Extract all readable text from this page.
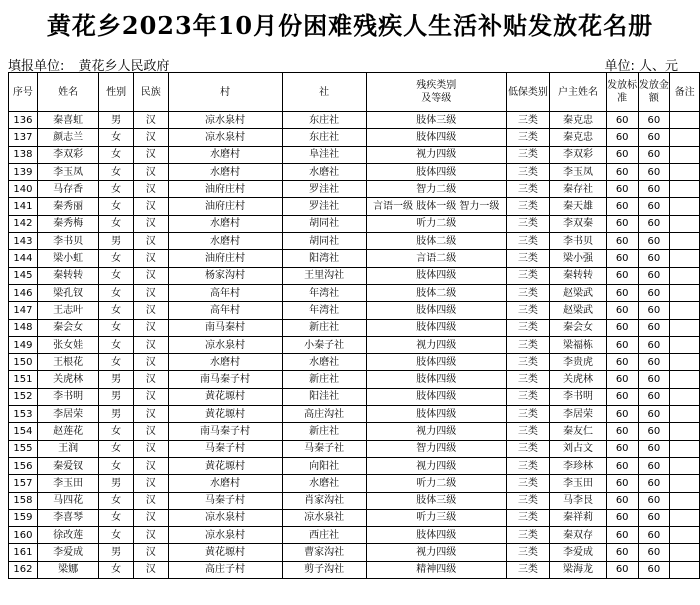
黄花乡2023年10月份困难残疾人生活补贴发放花名册
填报单位: 黄花乡人民政府	单位: 人、元
序号	姓名	性别	民族	村	社	残疾类别
及等级	低保类别	户主姓名	发放标准	发放金额	备注
136	秦喜虹	男	汉	凉水泉村	东庄社	肢体三级	三类	秦克忠	60	60	
137	颜志兰	女	汉	凉水泉村	东庄社	肢体四级	三类	秦克忠	60	60	
138	李双彩	女	汉	水磨村	阜洼社	视力四级	三类	李双彩	60	60	
139	李玉凤	女	汉	水磨村	水磨社	肢体四级	三类	李玉凤	60	60	
140	马存香	女	汉	油府庄村	罗洼社	智力二级	三类	秦存社	60	60	
141	秦秀丽	女	汉	油府庄村	罗洼社	言语一级 肢体一级 智力一级	三类	秦天雄	60	60	
142	秦秀梅	女	汉	水磨村	胡同社	听力二级	三类	李双秦	60	60	
143	李书贝	男	汉	水磨村	胡同社	肢体二级	三类	李书贝	60	60	
144	梁小虹	女	汉	油府庄村	阳湾社	言语二级	三类	梁小强	60	60	
145	秦转转	女	汉	杨家沟村	王里沟社	肢体四级	三类	秦转转	60	60	
146	梁孔钗	女	汉	高年村	年湾社	肢体二级	三类	赵梁武	60	60	
147	王志叶	女	汉	高年村	年湾社	肢体四级	三类	赵梁武	60	60	
148	秦会女	女	汉	南马秦村	新庄社	肢体四级	三类	秦会女	60	60	
149	张女娃	女	汉	凉水泉村	小秦子社	视力四级	三类	梁福栋	60	60	
150	王根花	女	汉	水磨村	水磨社	肢体四级	三类	李贵虎	60	60	
151	关虎林	男	汉	南马秦子村	新庄社	肢体四级	三类	关虎林	60	60	
152	李书明	男	汉	黄花塬村	阳洼社	肢体四级	三类	李书明	60	60	
153	李居荣	男	汉	黄花塬村	高庄沟社	肢体四级	三类	李居荣	60	60	
154	赵莲花	女	汉	南马秦子村	新庄社	视力四级	三类	秦友仁	60	60	
155	王润	女	汉	马秦子村	马秦子社	智力四级	三类	刘占文	60	60	
156	秦爱钗	女	汉	黄花塬村	向阳社	视力四级	三类	李珍林	60	60	
157	李玉田	男	汉	水磨村	水磨社	听力二级	三类	李玉田	60	60	
158	马四花	女	汉	马秦子村	肖家沟社	肢体三级	三类	马李艮	60	60	
159	李喜琴	女	汉	凉水泉村	凉水泉社	听力三级	三类	秦祥莉	60	60	
160	徐改莲	女	汉	凉水泉村	西庄社	肢体四级	三类	秦双存	60	60	
161	李爱成	男	汉	黄花塬村	曹家沟社	视力四级	三类	李爱成	60	60	
162	梁娜	女	汉	高庄子村	剪子沟社	精神四级	三类	梁海龙	60	60	
